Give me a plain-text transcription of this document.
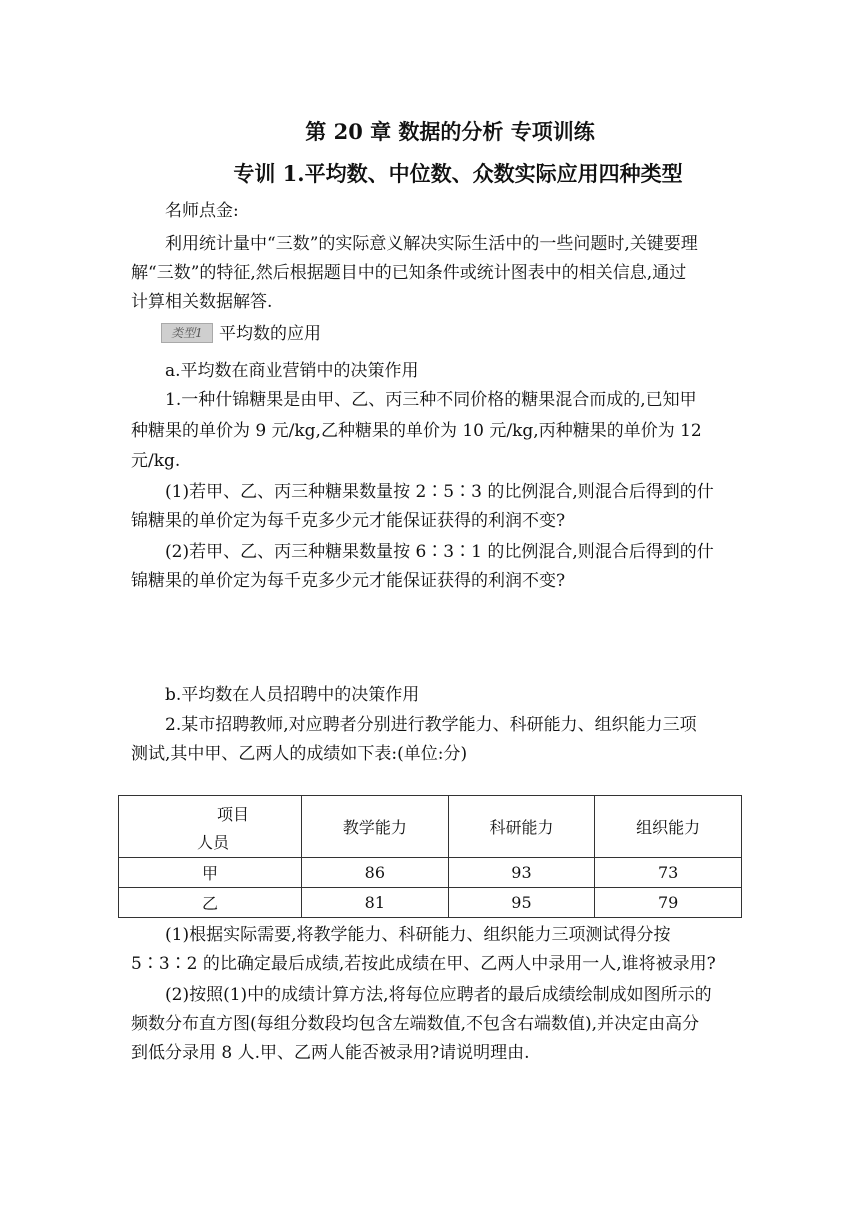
第 20 章 数据的分析 专项训练
专训 1.平均数、中位数、众数实际应用四种类型
名师点金:
利用统计量中“三数”的实际意义解决实际生活中的一些问题时,关键要理
解“三数”的特征,然后根据题目中的已知条件或统计图表中的相关信息,通过
计算相关数据解答.
类型1 平均数的应用
a.平均数在商业营销中的决策作用
1.一种什锦糖果是由甲、乙、丙三种不同价格的糖果混合而成的,已知甲
种糖果的单价为 9 元/kg,乙种糖果的单价为 10 元/kg,丙种糖果的单价为 12
元/kg.
(1)若甲、乙、丙三种糖果数量按 2∶5∶3 的比例混合,则混合后得到的什
锦糖果的单价定为每千克多少元才能保证获得的利润不变?
(2)若甲、乙、丙三种糖果数量按 6∶3∶1 的比例混合,则混合后得到的什
锦糖果的单价定为每千克多少元才能保证获得的利润不变?
b.平均数在人员招聘中的决策作用
2.某市招聘教师,对应聘者分别进行教学能力、科研能力、组织能力三项
测试,其中甲、乙两人的成绩如下表:(单位:分)
项目
人员	教学能力	科研能力	组织能力
甲	86	93	73
乙	81	95	79
(1)根据实际需要,将教学能力、科研能力、组织能力三项测试得分按
5∶3∶2 的比确定最后成绩,若按此成绩在甲、乙两人中录用一人,谁将被录用?
(2)按照(1)中的成绩计算方法,将每位应聘者的最后成绩绘制成如图所示的
频数分布直方图(每组分数段均包含左端数值,不包含右端数值),并决定由高分
到低分录用 8 人.甲、乙两人能否被录用?请说明理由.
